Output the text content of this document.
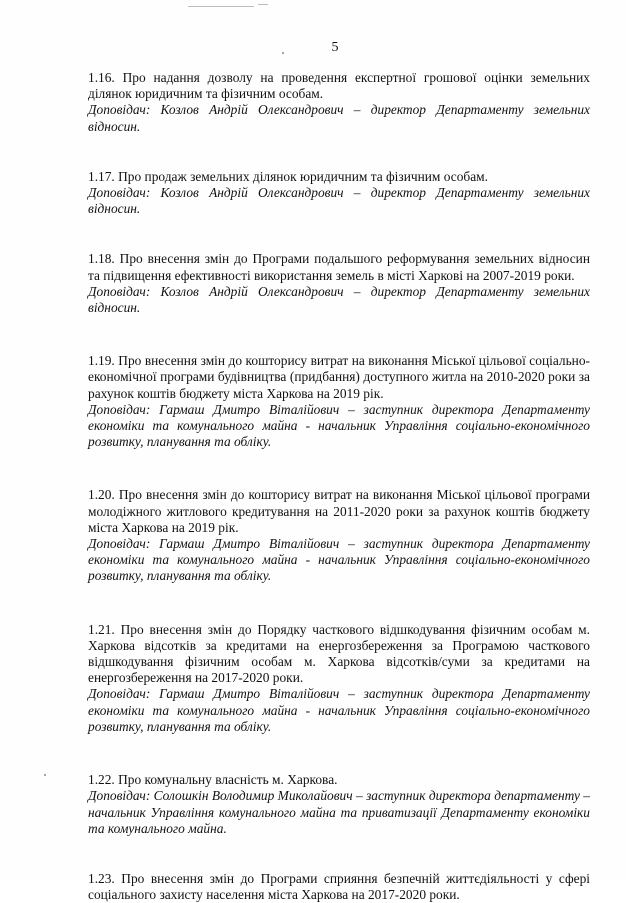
5

1.16. Про надання дозволу на проведення експертної грошової оцінки земельних ділянок юридичним та фізичним особам.

Доповідач: Козлов Андрій Олександрович – директор Департаменту земельних відносин.

1.17. Про продаж земельних ділянок юридичним та фізичним особам.

Доповідач: Козлов Андрій Олександрович – директор Департаменту земельних відносин.

1.18. Про внесення змін до Програми подальшого реформування земельних відносин та підвищення ефективності використання земель в місті Харкові на 2007-2019 роки.

Доповідач: Козлов Андрій Олександрович – директор Департаменту земельних відносин.

1.19. Про внесення змін до кошторису витрат на виконання Міської цільової соціально-економічної програми будівництва (придбання) доступного житла на 2010-2020 роки за рахунок коштів бюджету міста Харкова на 2019 рік.

Доповідач: Гармаш Дмитро Віталійович – заступник директора Департаменту економіки та комунального майна - начальник Управління соціально-економічного розвитку, планування та обліку.

1.20. Про внесення змін до кошторису витрат на виконання Міської цільової програми молодіжного житлового кредитування на 2011-2020 роки за рахунок коштів бюджету міста Харкова на 2019 рік.

Доповідач: Гармаш Дмитро Віталійович – заступник директора Департаменту економіки та комунального майна - начальник Управління соціально-економічного розвитку, планування та обліку.

1.21. Про внесення змін до Порядку часткового відшкодування фізичним особам м. Харкова відсотків за кредитами на енергозбереження за Програмою часткового відшкодування фізичним особам м. Харкова відсотків/суми за кредитами на енергозбереження на 2017-2020 роки.

Доповідач: Гармаш Дмитро Віталійович – заступник директора Департаменту економіки та комунального майна - начальник Управління соціально-економічного розвитку, планування та обліку.

1.22. Про комунальну власність м. Харкова.

Доповідач: Солошкін Володимир Миколайович – заступник директора департаменту – начальник Управління комунального майна та приватизації Департаменту економіки та комунального майна.

1.23. Про внесення змін до Програми сприяння безпечній життєдіяльності у сфері соціального захисту населення міста Харкова на 2017-2020 роки.
